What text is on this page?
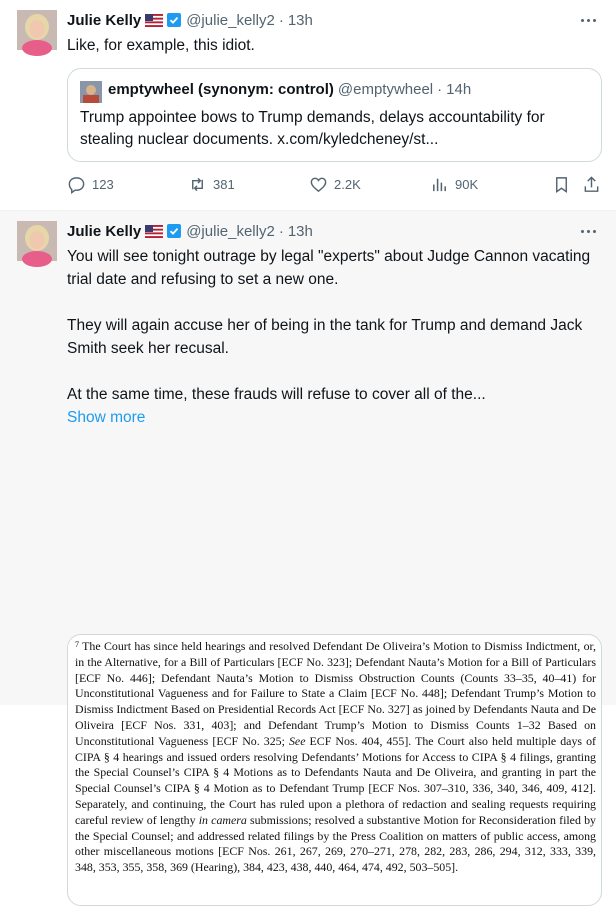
Julie Kelly	@julie_kelly2 · 13h
Like, for example, this idiot.
emptywheel (synonym: control) @emptywheel · 14h
Trump appointee bows to Trump demands, delays accountability for stealing nuclear documents. x.com/kyledcheney/st...
123	381	2.2K	90K
Julie Kelly	@julie_kelly2 · 13h

You will see tonight outrage by legal "experts" about Judge Cannon vacating trial date and refusing to set a new one.

They will again accuse her of being in the tank for Trump and demand Jack Smith seek her recusal.

At the same time, these frauds will refuse to cover all of the...

Show more
$^7$ The Court has since held hearings and resolved Defendant De Oliveira’s Motion to Dismiss Indictment, or, in the Alternative, for a Bill of Particulars [ECF No. 323]; Defendant Nauta’s Motion for a Bill of Particulars [ECF No. 446]; Defendant Nauta’s Motion to Dismiss Obstruction Counts (Counts 33–35, 40–41) for Unconstitutional Vagueness and for Failure to State a Claim [ECF No. 448]; Defendant Trump’s Motion to Dismiss Indictment Based on Presidential Records Act [ECF No. 327] as joined by Defendants Nauta and De Oliveira [ECF Nos. 331, 403]; and Defendant Trump’s Motion to Dismiss Counts 1–32 Based on Unconstitutional Vagueness [ECF No. 325; See ECF Nos. 404, 455]. The Court also held multiple days of CIPA § 4 hearings and issued orders resolving Defendants’ Motions for Access to CIPA § 4 filings, granting the Special Counsel’s CIPA § 4 Motions as to Defendants Nauta and De Oliveira, and granting in part the Special Counsel’s CIPA § 4 Motion as to Defendant Trump [ECF Nos. 307–310, 336, 340, 346, 409, 412]. Separately, and continuing, the Court has ruled upon a plethora of redaction and sealing requests requiring careful review of lengthy in camera submissions; resolved a substantive Motion for Reconsideration filed by the Special Counsel; and addressed related filings by the Press Coalition on matters of public access, among other miscellaneous motions [ECF Nos. 261, 267, 269, 270–271, 278, 282, 283, 286, 294, 312, 333, 339, 348, 353, 355, 358, 369 (Hearing), 384, 423, 438, 440, 464, 474, 492, 503–505].
